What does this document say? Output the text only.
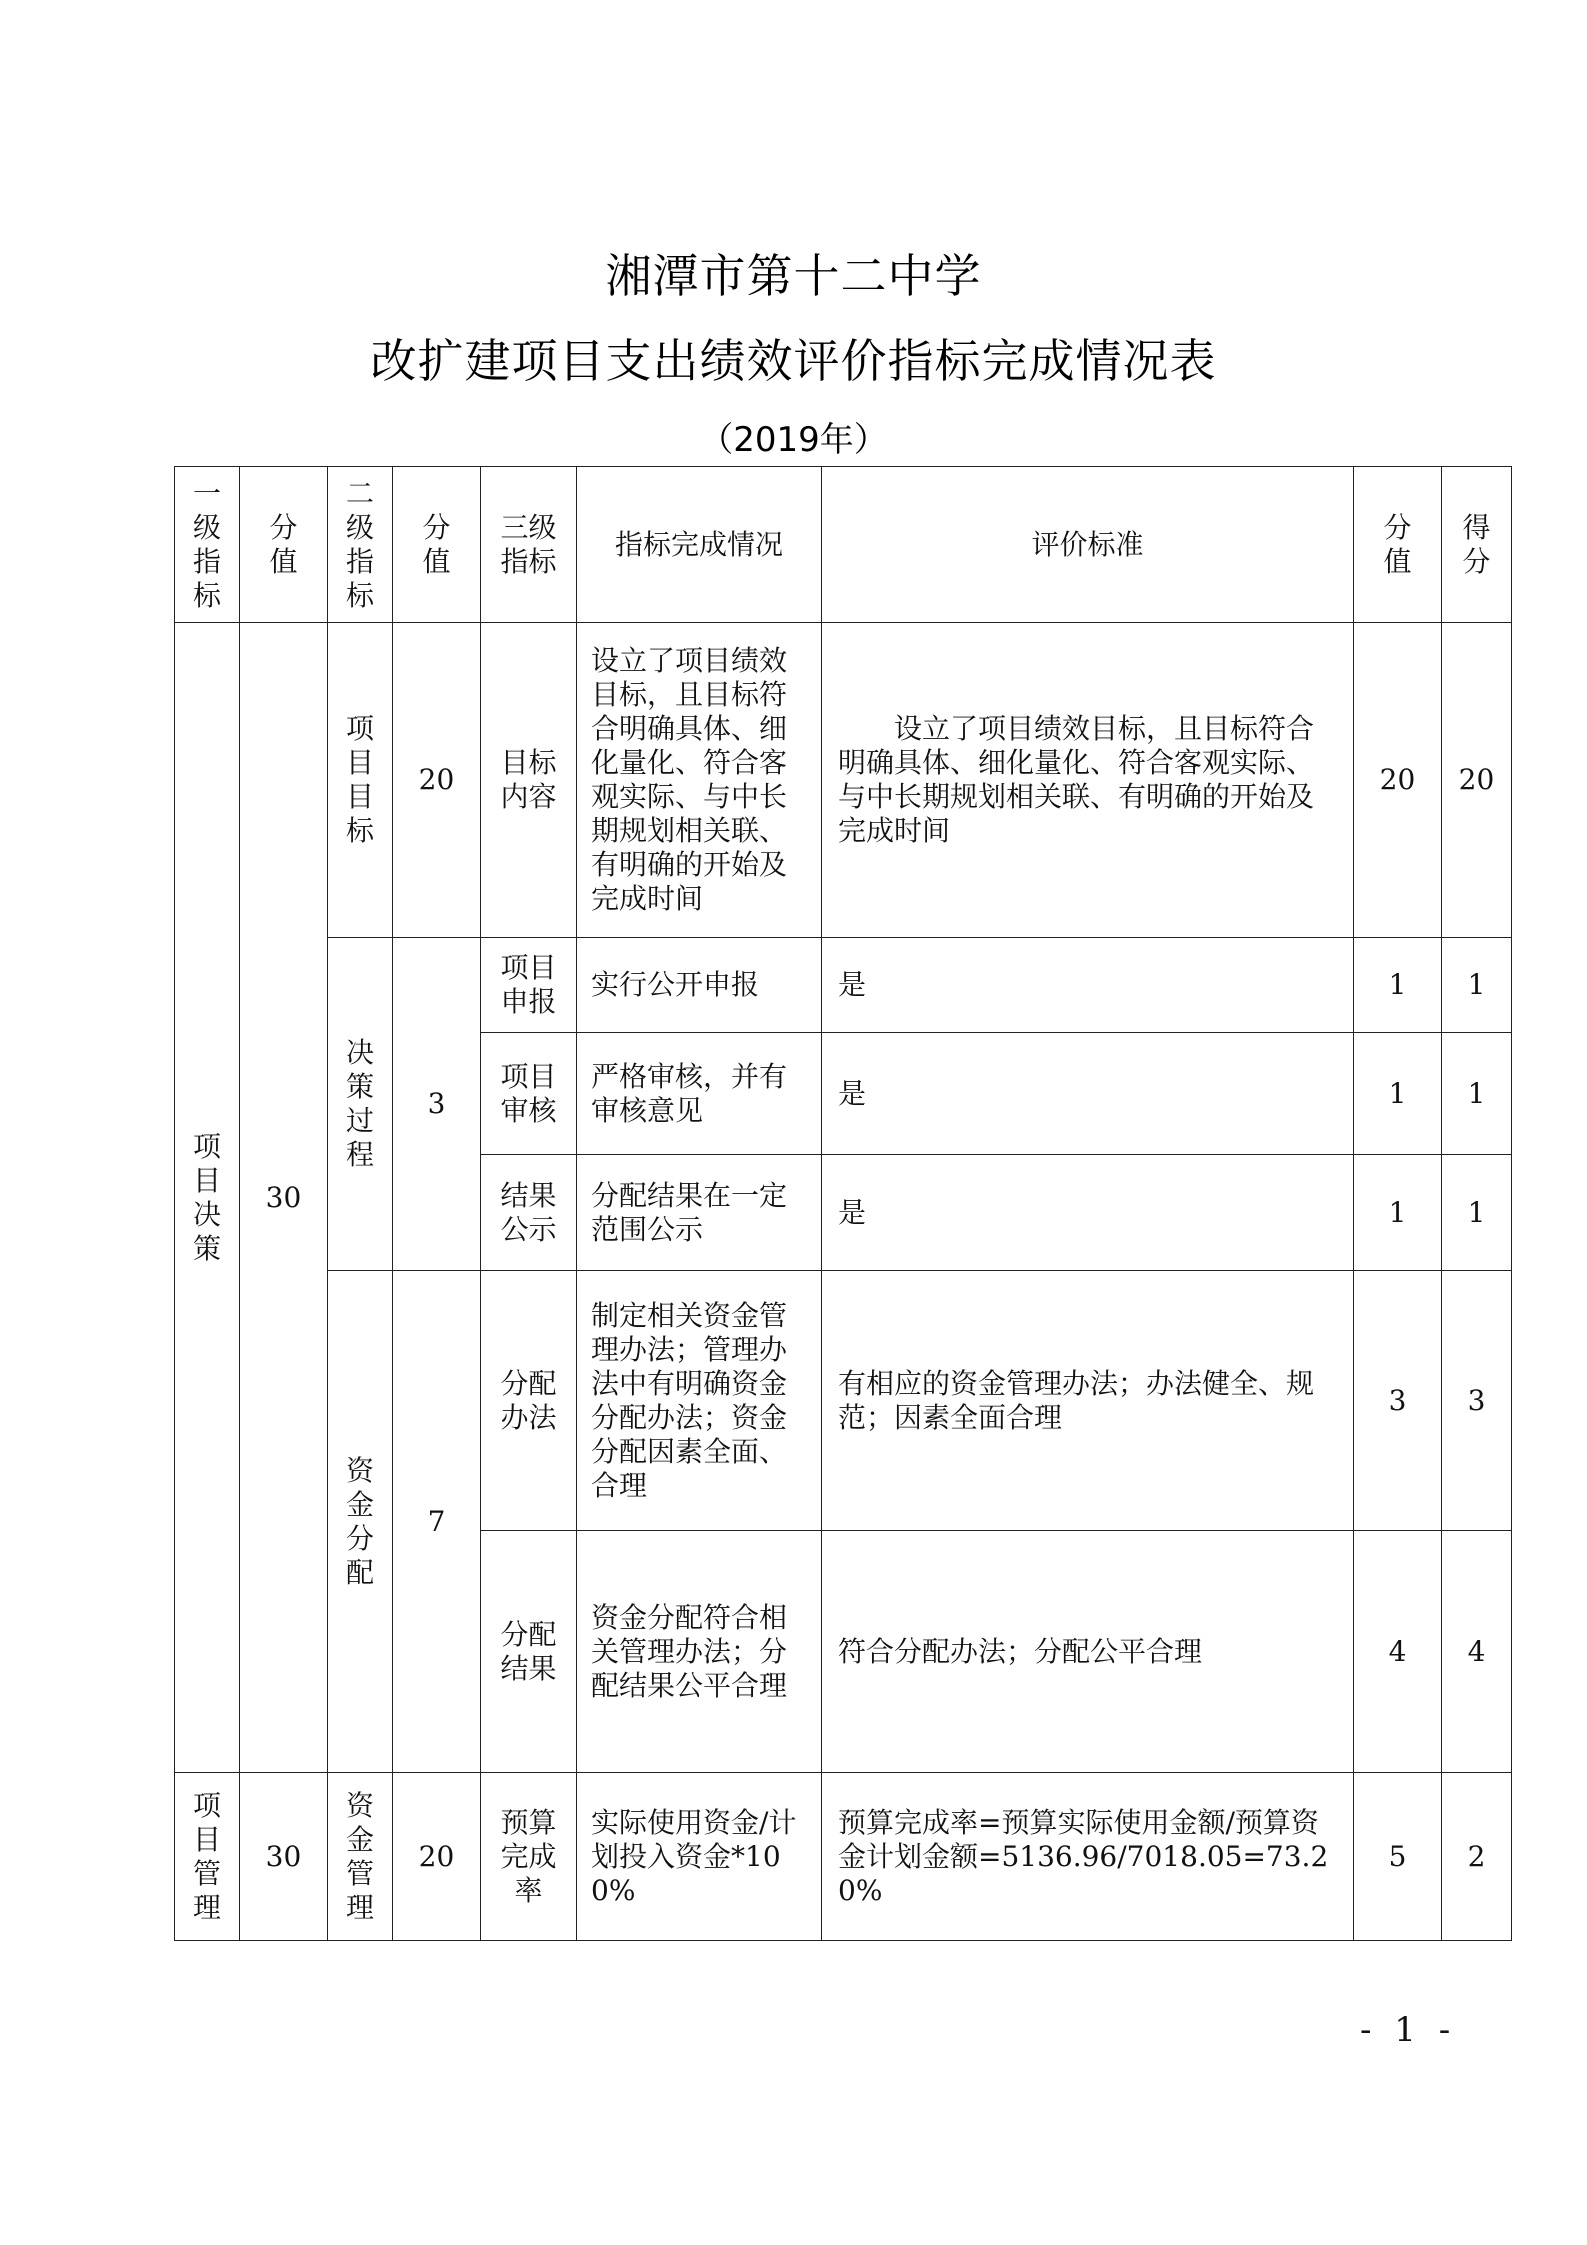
湘潭市第十二中学
改扩建项目支出绩效评价指标完成情况表
（2019年）
一级指标	分值	二级指标	分值	三级指标	指标完成情况	评价标准	分值	得分
项目决策	30	项目目标	20	目标内容	设立了项目绩效目标，且目标符合明确具体、细化量化、符合客观实际、与中长期规划相关联、有明确的开始及完成时间	设立了项目绩效目标，且目标符合明确具体、细化量化、符合客观实际、与中长期规划相关联、有明确的开始及完成时间	20	20
		决策过程	3	项目申报	实行公开申报	是	1	1
				项目审核	严格审核，并有审核意见	是	1	1
				结果公示	分配结果在一定范围公示	是	1	1
		资金分配	7	分配办法	制定相关资金管理办法；管理办法中有明确资金分配办法；资金分配因素全面、合理	有相应的资金管理办法；办法健全、规范；因素全面合理	3	3
				分配结果	资金分配符合相关管理办法；分配结果公平合理	符合分配办法；分配公平合理	4	4
项目管理	30	资金管理	20	预算完成率	实际使用资金/计划投入资金*100%	预算完成率=预算实际使用金额/预算资金计划金额=5136.96/7018.05=73.20%	5	2
- 1 -
